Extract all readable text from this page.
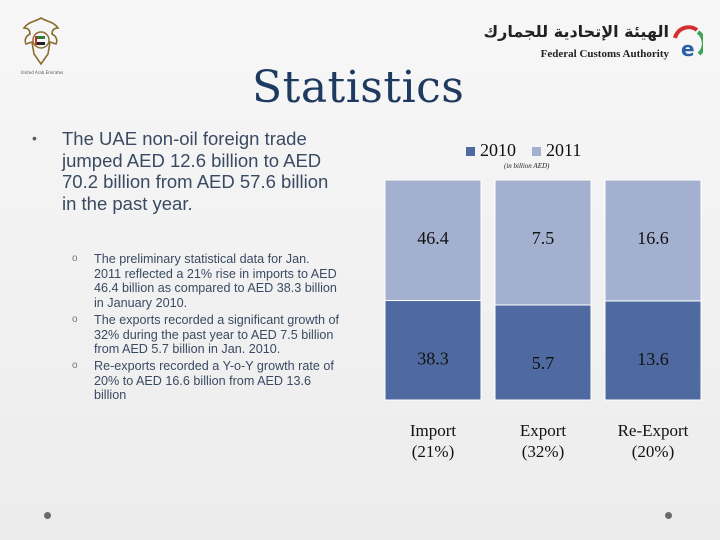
United Arab Emirates
الهيئة الإتحادية للجمارك
Federal Customs Authority e
Statistics
• The UAE non-oil foreign trade jumped AED 12.6 billion to AED 70.2 billion from AED 57.6 billion in the past year.
o The preliminary statistical data for Jan. 2011 reflected a 21% rise in imports to AED 46.4 billion as compared to AED 38.3 billion in January 2010.
o The exports recorded a significant growth of 32% during the past year to AED 7.5 billion from AED 5.7 billion in Jan. 2010.
o Re-exports recorded a Y-o-Y growth rate of 20% to AED 16.6 billion from AED 13.6 billion
2010 2011
(in billion AED)
38.3
46.4
Import
(21%)
5.7
7.5
Export
(32%)
13.6
16.6
Re-Export
(20%)
